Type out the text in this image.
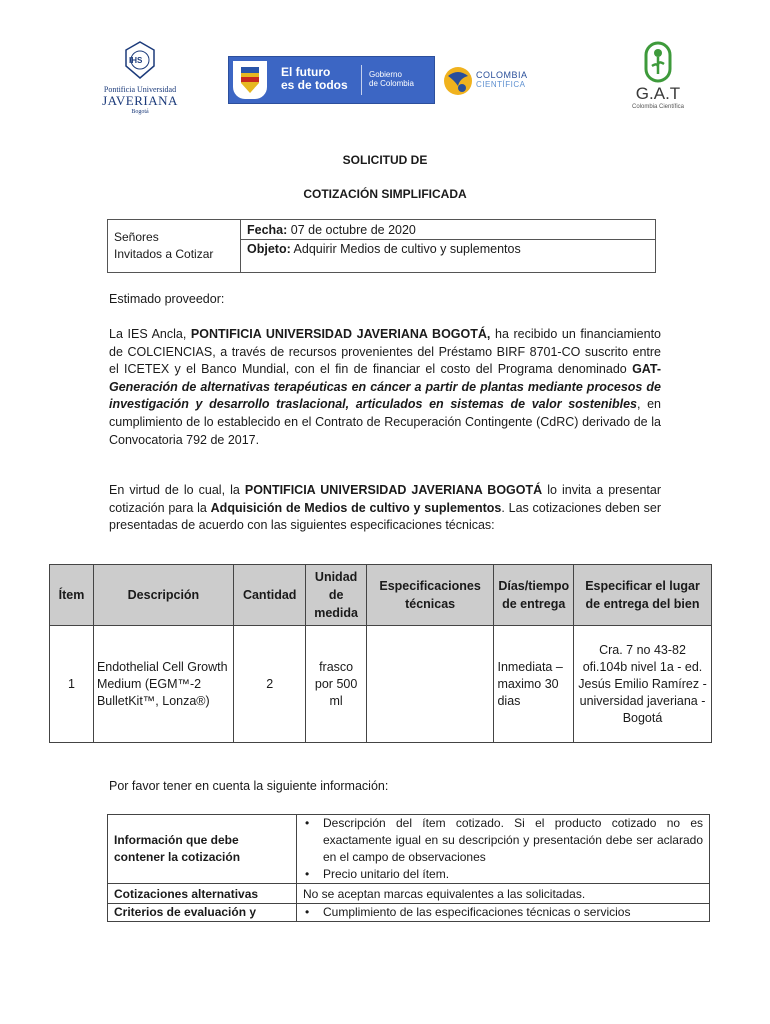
IHS
Pontificia Universidad
JAVERIANA
Bogotá
El futuro
es de todos
Gobierno
de Colombia
COLOMBIA
CIENTÍFICA	G.A.T
Colombia Científica
SOLICITUD DE
COTIZACIÓN SIMPLIFICADA
Señores
Invitados a Cotizar
Fecha: 07 de octubre de 2020
Objeto: Adquirir Medios de cultivo y suplementos
Estimado proveedor:

La IES Ancla, PONTIFICIA UNIVERSIDAD JAVERIANA BOGOTÁ, ha recibido un financiamiento de COLCIENCIAS, a través de recursos provenientes del Préstamo BIRF 8701-CO suscrito entre el ICETEX y el Banco Mundial, con el fin de financiar el costo del Programa denominado GAT-Generación de alternativas terapéuticas en cáncer a partir de plantas mediante procesos de investigación y desarrollo traslacional, articulados en sistemas de valor sostenibles, en cumplimiento de lo establecido en el Contrato de Recuperación Contingente (CdRC) derivado de la Convocatoria 792 de 2017.

En virtud de lo cual, la PONTIFICIA UNIVERSIDAD JAVERIANA BOGOTÁ lo invita a presentar cotización para la Adquisición de Medios de cultivo y suplementos. Las cotizaciones deben ser presentadas de acuerdo con las siguientes especificaciones técnicas:

Ítem	Descripción	Cantidad	Unidad de medida	Especificaciones técnicas	Días/tiempo de entrega	Especificar el lugar de entrega del bien
1	Endothelial Cell Growth Medium (EGM™-2 BulletKit™, Lonza®)	2	frasco por 500 ml		Inmediata – maximo 30 dias	Cra. 7 no 43-82 ofi.104b nivel 1a - ed. Jesús Emilio Ramírez - universidad javeriana - Bogotá
Por favor tener en cuenta la siguiente información:
Información que debe contener la cotización	• Descripción del ítem cotizado. Si el producto cotizado no es exactamente igual en su descripción y presentación debe ser aclarado en el campo de observaciones
• Precio unitario del ítem.

Cotizaciones alternativas	No se aceptan marcas equivalentes a las solicitadas.
Criterios de evaluación y	• Cumplimiento de las especificaciones técnicas o servicios
